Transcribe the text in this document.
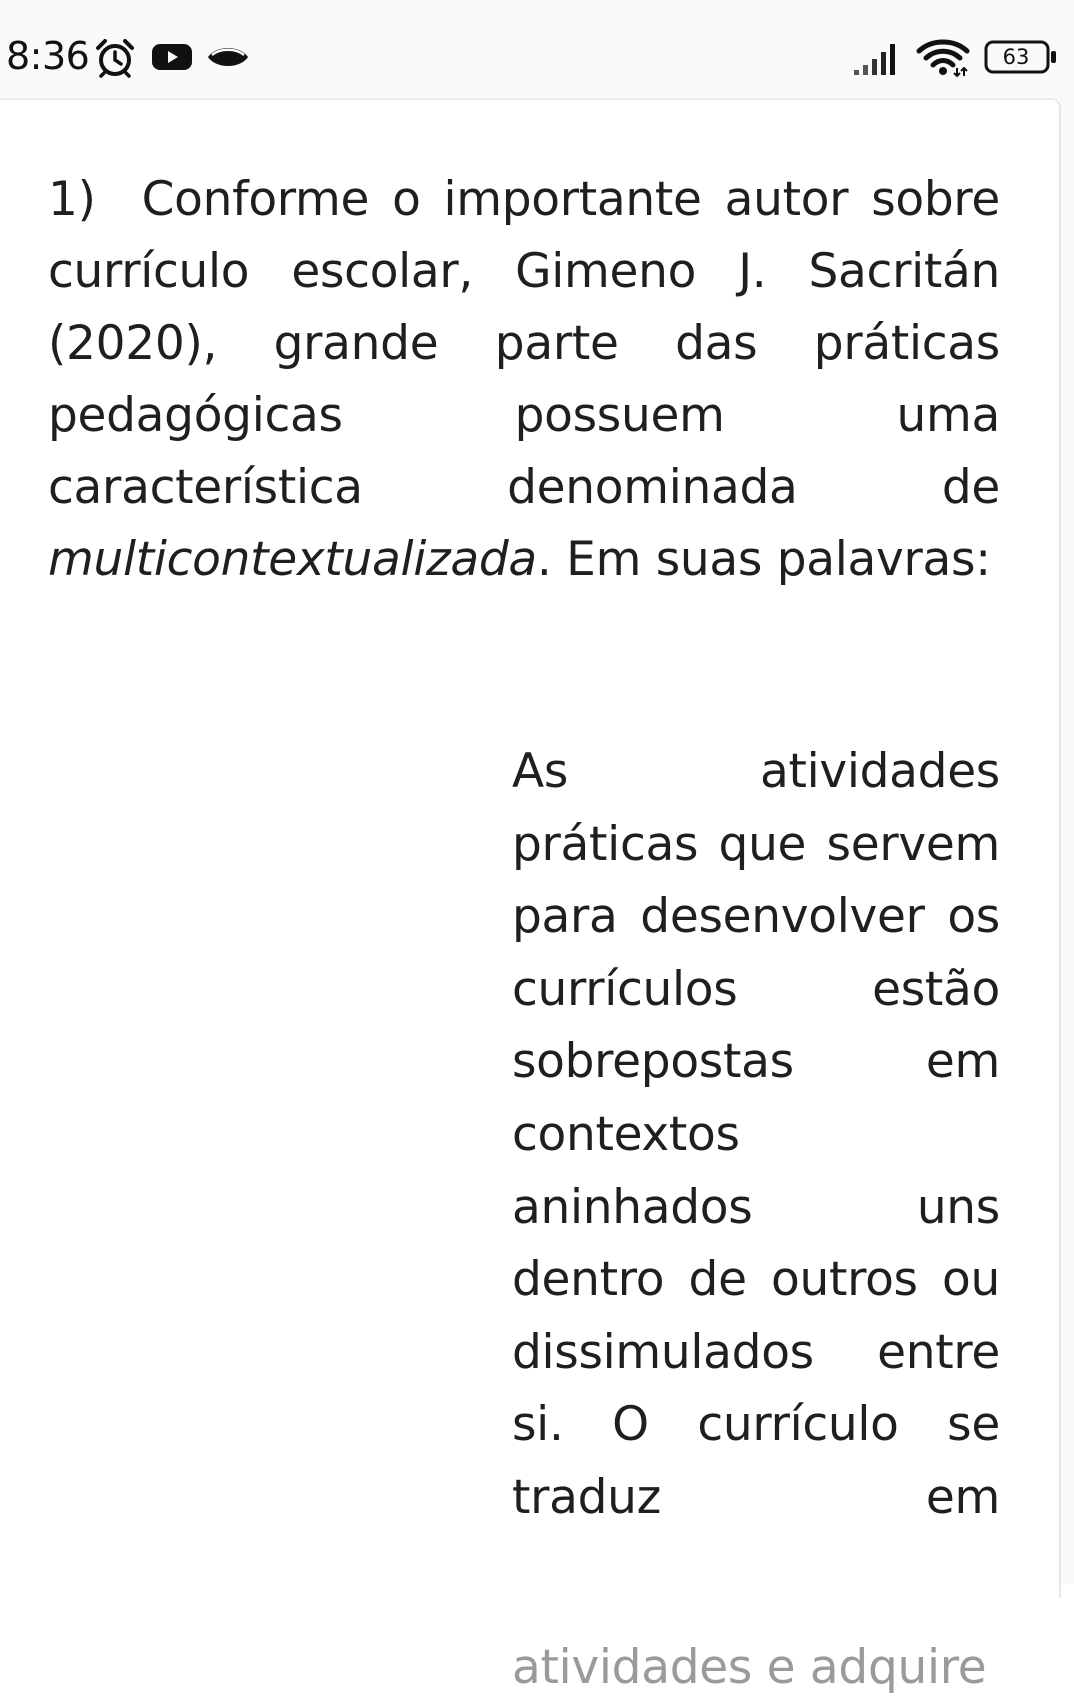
8:36	63
1) Conforme o importante autor sobre
currículo escolar, Gimeno J. Sacritán
(2020), grande parte das práticas
pedagógicas possuem uma
característica denominada de
multicontextualizada. Em suas palavras:
As atividades
práticas que servem
para desenvolver os
currículos estão
sobrepostas em
contextos
aninhados uns
dentro de outros ou
dissimulados entre
si. O currículo se
traduz em
atividades e adquire
